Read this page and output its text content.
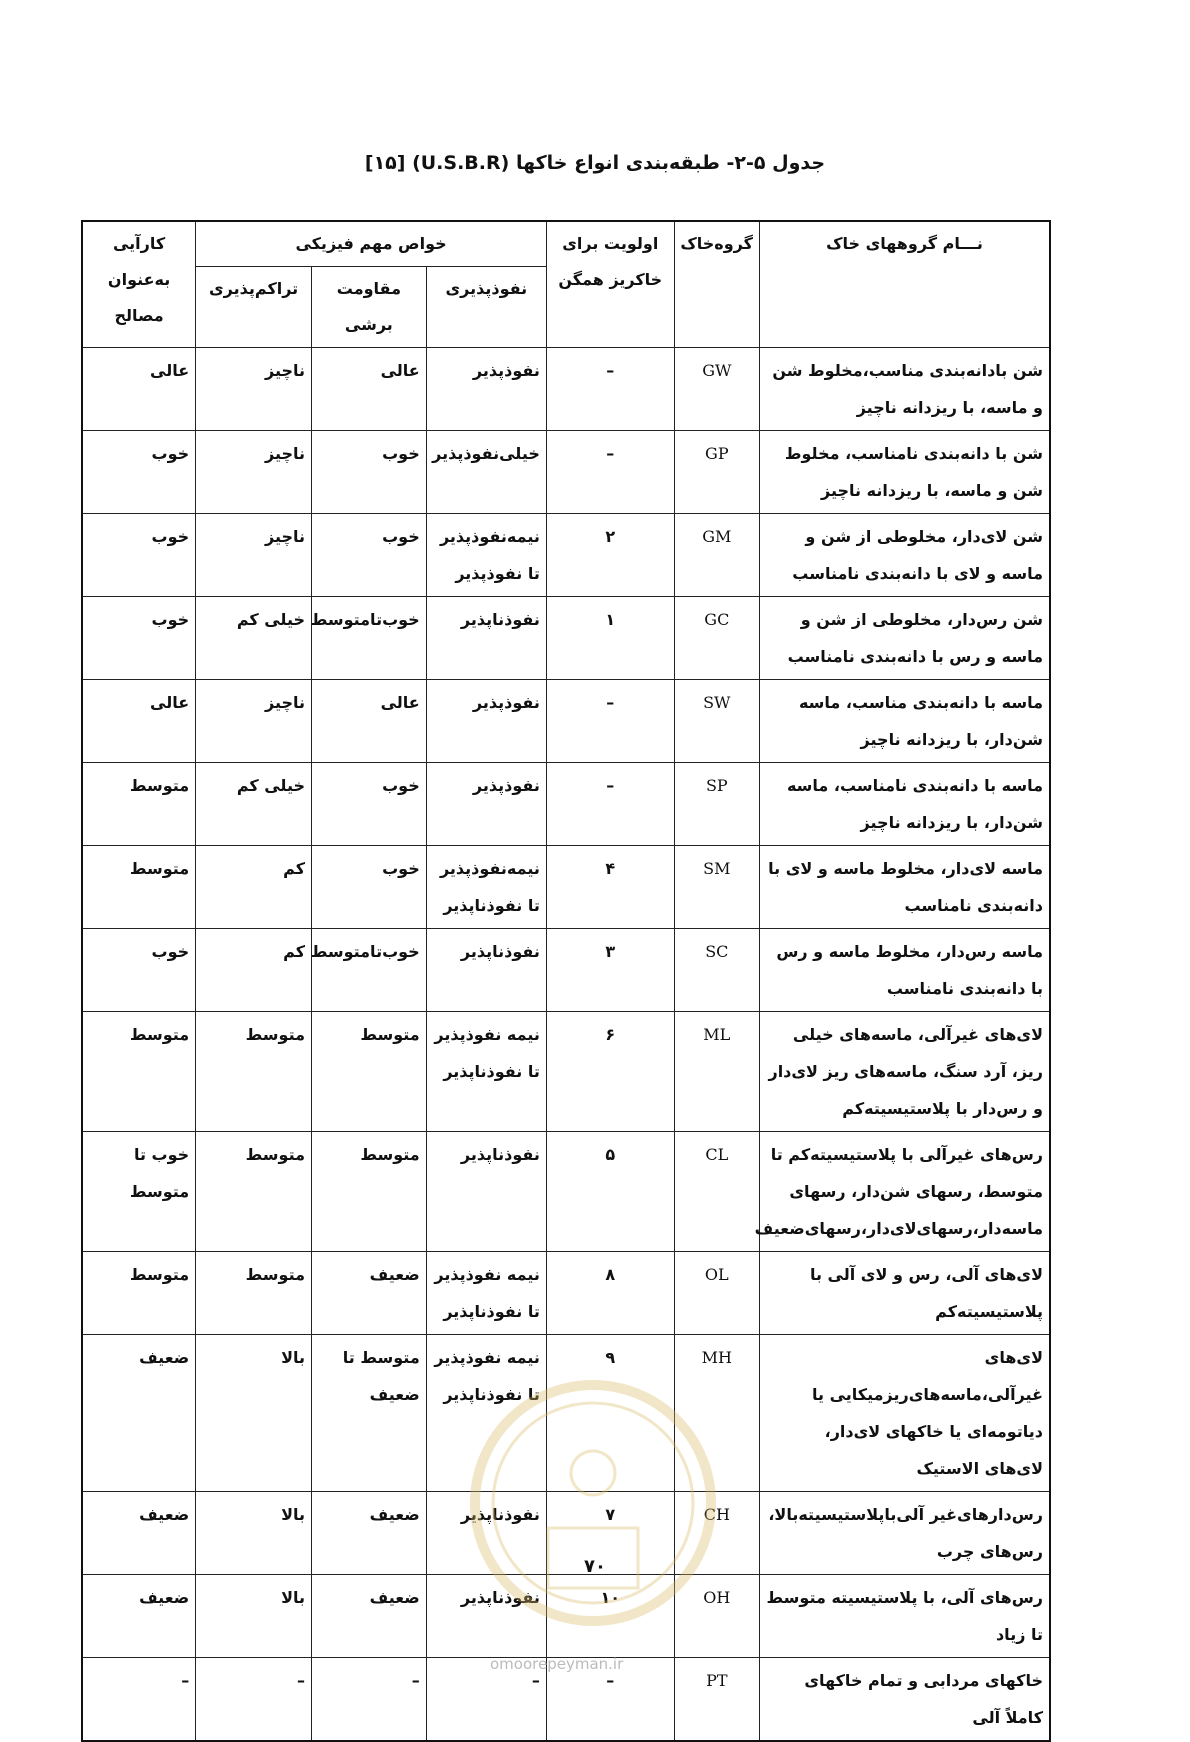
جدول ۵-۲- طبقه‌بندی انواع خاکها (U.S.B.R) [۱۵]
نـــام گروههای خاک	گروه‌خاک	اولویت برای خاکریز همگن	خواص مهم فیزیکی			کارآیی به‌عنوان مصالح
			نفوذپذیری	مقاومت برشی	تراکم‌پذیری	
شن بادانه‌بندی مناسب،مخلوط شن و ماسه، با ریزدانه ناچیز	GW	–	نفوذپذیر	عالی	ناچیز	عالی
شن با دانه‌بندی نامناسب، مخلوط شن و ماسه، با ریزدانه ناچیز	GP	–	خیلی‌نفوذپذیر	خوب	ناچیز	خوب
شن لای‌دار، مخلوطی از شن و ماسه و لای با دانه‌بندی نامناسب	GM	۲	نیمه‌نفوذپذیر تا نفوذپذیر	خوب	ناچیز	خوب
شن رس‌دار، مخلوطی از شن و ماسه و رس با دانه‌بندی نامناسب	GC	۱	نفوذناپذیر	خوب‌تامتوسط	خیلی کم	خوب
ماسه با دانه‌بندی مناسب، ماسه شن‌دار، با ریزدانه ناچیز	SW	–	نفوذپذیر	عالی	ناچیز	عالی
ماسه با دانه‌بندی نامناسب، ماسه شن‌دار، با ریزدانه ناچیز	SP	–	نفوذپذیر	خوب	خیلی کم	متوسط
ماسه لای‌دار، مخلوط ماسه و لای با دانه‌بندی نامناسب	SM	۴	نیمه‌نفوذپذیر تا نفوذناپذیر	خوب	کم	متوسط
ماسه رس‌دار، مخلوط ماسه و رس با دانه‌بندی نامناسب	SC	۳	نفوذناپذیر	خوب‌تامتوسط	کم	خوب
لای‌های غیرآلی، ماسه‌های خیلی ریز، آرد سنگ، ماسه‌های ریز لای‌دار و رس‌دار با پلاستیسیته‌کم	ML	۶	نیمه نفوذپذیر تا نفوذناپذیر	متوسط	متوسط	متوسط
رس‌های غیرآلی با پلاستیسیته‌کم تا متوسط، رسهای شن‌دار، رسهای ماسه‌دار،رسهای‌لای‌دار،رسهای‌ضعیف	CL	۵	نفوذناپذیر	متوسط	متوسط	خوب تا متوسط
لای‌های آلی، رس و لای آلی با پلاستیسیته‌کم	OL	۸	نیمه نفوذپذیر تا نفوذناپذیر	ضعیف	متوسط	متوسط
لای‌های غیرآلی،ماسه‌های‌ریزمیکایی یا دیاتومه‌ای یا خاکهای لای‌دار، لای‌های الاستیک	MH	۹	نیمه نفوذپذیر تا نفوذناپذیر	متوسط تا ضعیف	بالا	ضعیف
رس‌دارهای‌غیر آلی‌باپلاستیسیته‌بالا، رس‌های چرب	CH	۷	نفوذناپذیر	ضعیف	بالا	ضعیف
رس‌های آلی، با پلاستیسیته متوسط تا زیاد	OH	۱۰	نفوذناپذیر	ضعیف	بالا	ضعیف
خاکهای مردابی و تمام خاکهای کاملاً آلی	PT	–	–	–	–	–
۷۰
omoorepeyman.ir
